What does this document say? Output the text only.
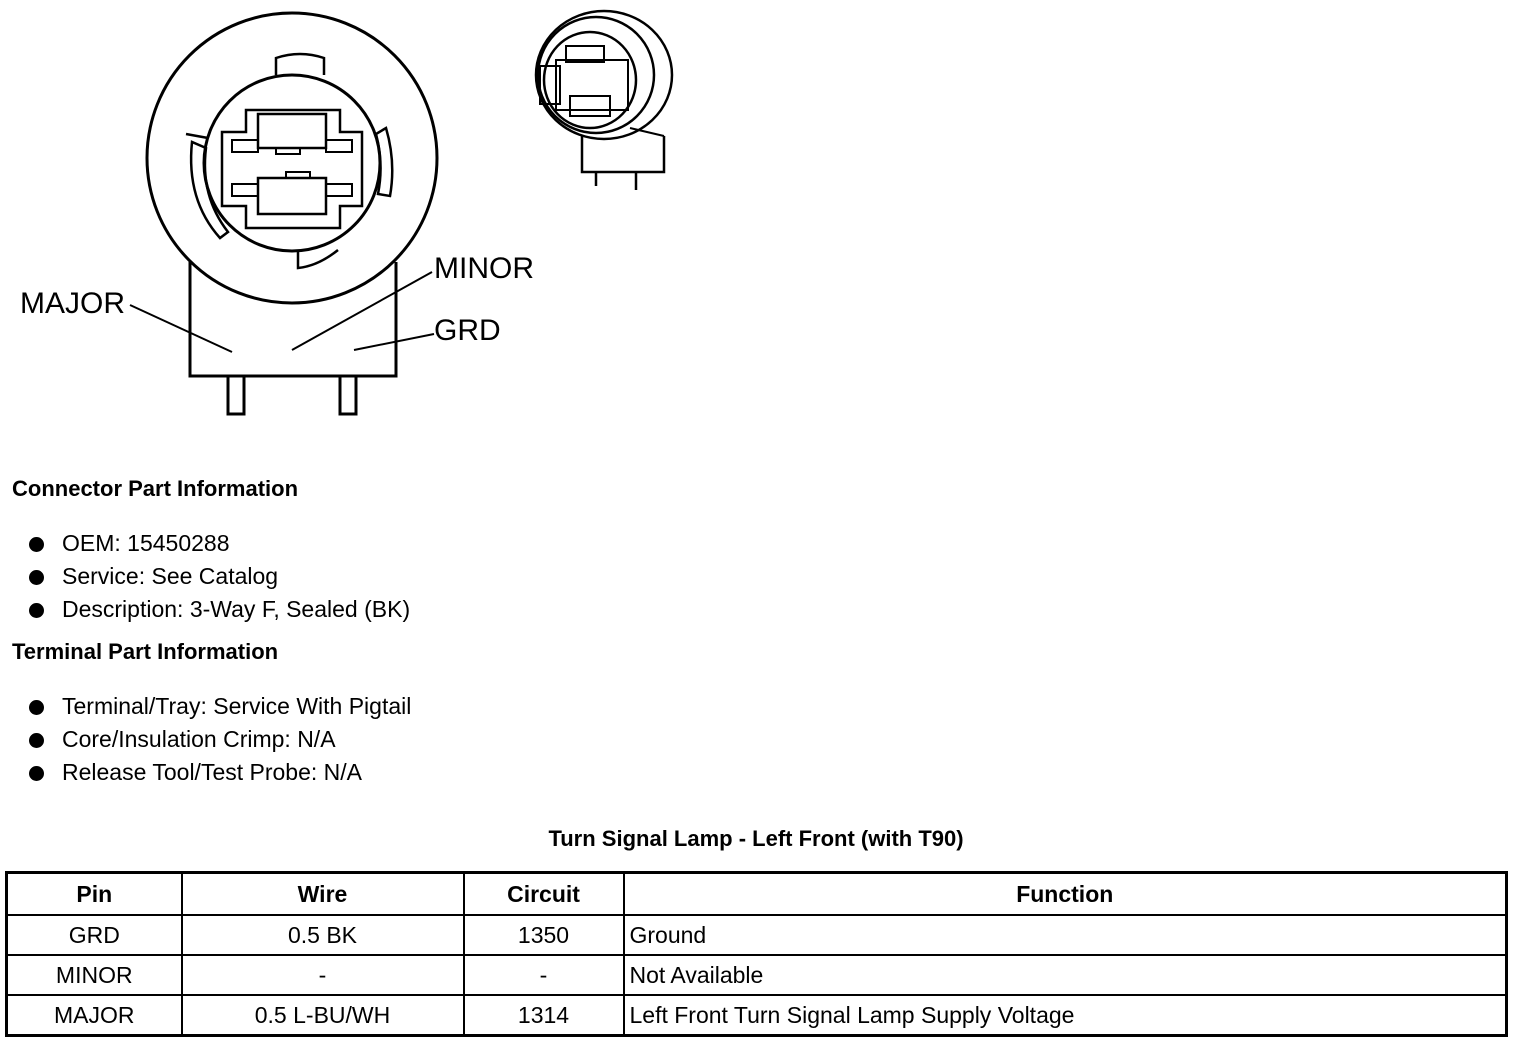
MAJOR
MINOR
GRD
Connector Part Information
OEM: 15450288
Service: See Catalog
Description: 3-Way F, Sealed (BK)
Terminal Part Information
Terminal/Tray: Service With Pigtail
Core/Insulation Crimp: N/A
Release Tool/Test Probe: N/A
Turn Signal Lamp - Left Front (with T90)
Pin	Wire	Circuit	Function
GRD	0.5 BK	1350	Ground
MINOR	-	-	Not Available
MAJOR	0.5 L-BU/WH	1314	Left Front Turn Signal Lamp Supply Voltage
